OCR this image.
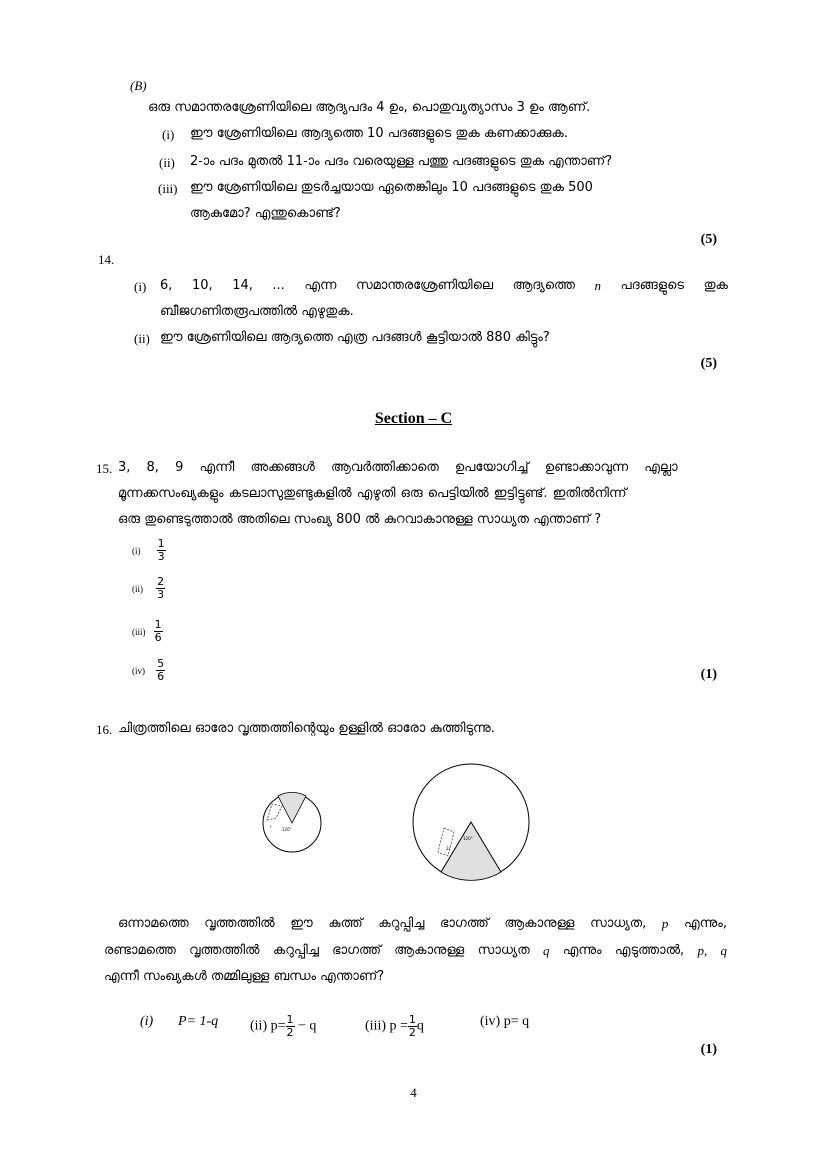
(B)
ഒരു സമാന്തരശ്രേണിയിലെ ആദ്യപദം 4 ഉം, പൊതുവ്യത്യാസം 3 ഉം ആണ്.
(i) ഈ ശ്രേണിയിലെ ആദ്യത്തെ 10 പദങ്ങളുടെ തുക കണക്കാക്കുക.
(ii) 2-ാം പദം മുതൽ 11-ാം പദം വരെയുള്ള പത്തു പദങ്ങളുടെ തുക എന്താണ്?
(iii) ഈ ശ്രേണിയിലെ തുടർച്ചയായ ഏതെങ്കിലും 10 പദങ്ങളുടെ തുക 500
ആകുമോ? എന്തുകൊണ്ട്?
(5)
14.
(i) 6, 10, 14, ... എന്ന സമാന്തരശ്രേണിയിലെ ആദ്യത്തെ n പദങ്ങളുടെ തുക
ബീജഗണിതരൂപത്തിൽ എഴുതുക.
(ii) ഈ ശ്രേണിയിലെ ആദ്യത്തെ എത്ര പദങ്ങൾ കൂട്ടിയാൽ 880 കിട്ടും?
(5)
Section – C
15. 3, 8, 9 എന്നീ അക്കങ്ങൾ ആവർത്തിക്കാതെ ഉപയോഗിച്ച് ഉണ്ടാക്കാവുന്ന എല്ലാ
മൂന്നക്കസംഖ്യകളും കടലാസുതുണ്ടുകളിൽ എഴുതി ഒരു പെട്ടിയിൽ ഇട്ടിട്ടുണ്ട്. ഇതിൽനിന്ന്
ഒരു തുണ്ടെടുത്താൽ അതിലെ സംഖ്യ 800 ൽ കുറവാകാനുള്ള സാധ്യത എന്താണ് ?
$(i) \frac{1}{3}$
$(ii) \frac{2}{3}$
$(iii) \frac{1}{6}$
$(iv) \frac{5}{6}$	(1)
16. ചിത്രത്തിലെ ഓരോ വൃത്തത്തിന്റെയും ഉള്ളിൽ ഓരോ കുത്തിടുന്നു.
120°
r
120°
2r
ഒന്നാമത്തെ വൃത്തത്തിൽ ഈ കുത്ത് കറുപ്പിച്ച ഭാഗത്ത് ആകാനുള്ള സാധ്യത, p എന്നും,
രണ്ടാമത്തെ വൃത്തത്തിൽ കറുപ്പിച്ച ഭാഗത്ത് ആകാനുള്ള സാധ്യത q എന്നും എടുത്താൽ, p, q
എന്നീ സംഖ്യകൾ തമ്മിലുള്ള ബന്ധം എന്താണ്?
(i) P= 1-q (ii) $p= \frac{1}{2} - q$	(iii) $p = \frac{1}{2}$ q	(iv) p= q
(1)
4
